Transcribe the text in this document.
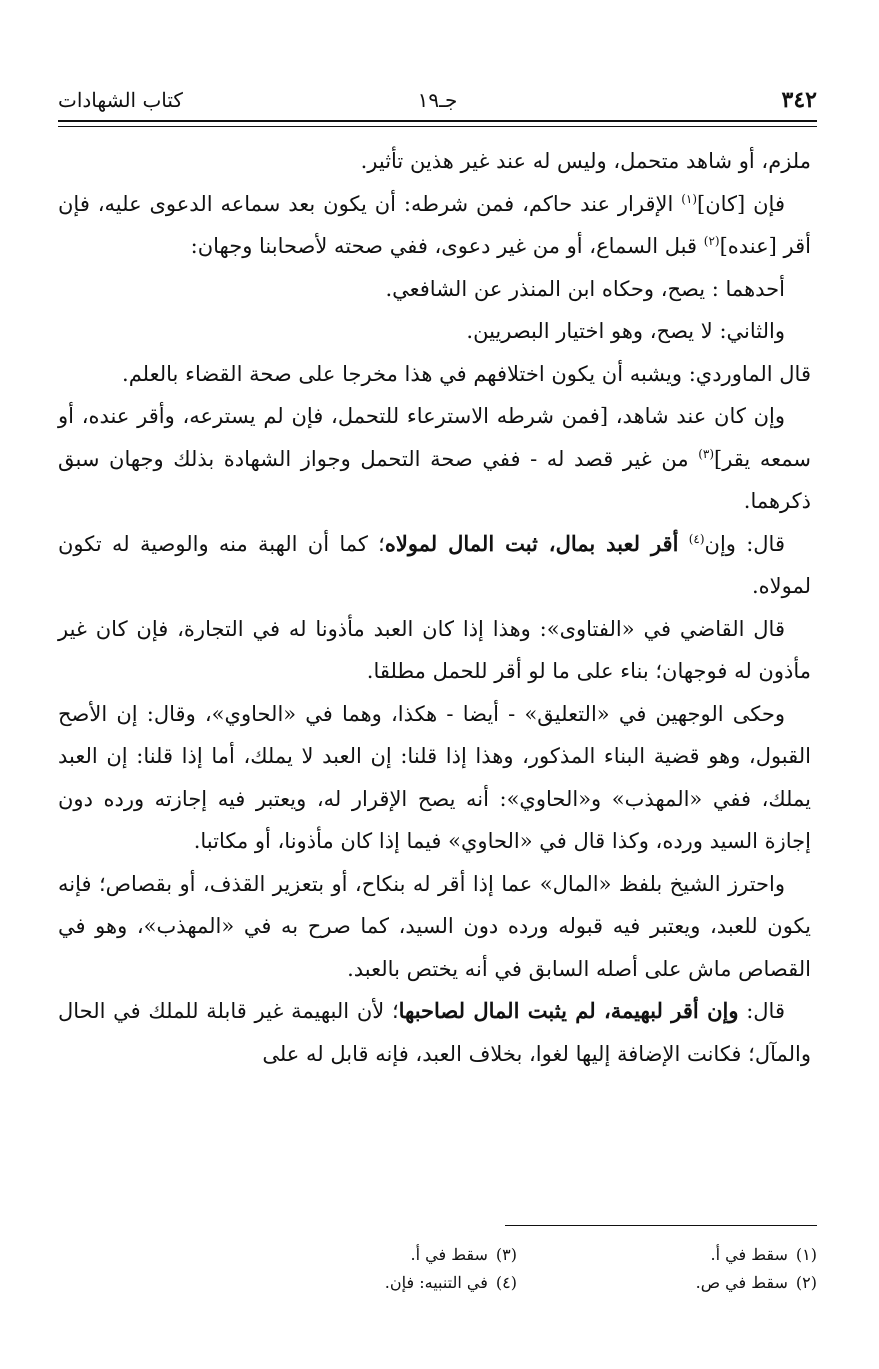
٣٤٢
جـ١٩
كتاب الشهادات

ملزم، أو شاهد متحمل، وليس له عند غير هذين تأثير.

فإن [كان]$^{(١)}$ الإقرار عند حاكم، فمن شرطه: أن يكون بعد سماعه الدعوى عليه، فإن أقر [عنده]$^{(٢)}$ قبل السماع، أو من غير دعوى، ففي صحته لأصحابنا وجهان:

أحدهما : يصح، وحكاه ابن المنذر عن الشافعي.

والثاني: لا يصح، وهو اختيار البصريين.

قال الماوردي: ويشبه أن يكون اختلافهم في هذا مخرجا على صحة القضاء بالعلم.

وإن كان عند شاهد، [فمن شرطه الاسترعاء للتحمل، فإن لم يسترعه، وأقر عنده، أو سمعه يقر]$^{(٣)}$ من غير قصد له - ففي صحة التحمل وجواز الشهادة بذلك وجهان سبق ذكرهما.

قال: وإن$^{(٤)}$ أقر لعبد بمال، ثبت المال لمولاه؛ كما أن الهبة منه والوصية له تكون لمولاه.

قال القاضي في «الفتاوى»: وهذا إذا كان العبد مأذونا له في التجارة، فإن كان غير مأذون له فوجهان؛ بناء على ما لو أقر للحمل مطلقا.

وحكى الوجهين في «التعليق» - أيضا - هكذا، وهما في «الحاوي»، وقال: إن الأصح القبول، وهو قضية البناء المذكور، وهذا إذا قلنا: إن العبد لا يملك، أما إذا قلنا: إن العبد يملك، ففي «المهذب» و«الحاوي»: أنه يصح الإقرار له، ويعتبر فيه إجازته ورده دون إجازة السيد ورده، وكذا قال في «الحاوي» فيما إذا كان مأذونا، أو مكاتبا.

واحترز الشيخ بلفظ «المال» عما إذا أقر له بنكاح، أو بتعزير القذف، أو بقصاص؛ فإنه يكون للعبد، ويعتبر فيه قبوله ورده دون السيد، كما صرح به في «المهذب»، وهو في القصاص ماش على أصله السابق في أنه يختص بالعبد.

قال: وإن أقر لبهيمة، لم يثبت المال لصاحبها؛ لأن البهيمة غير قابلة للملك في الحال والمآل؛ فكانت الإضافة إليها لغوا، بخلاف العبد، فإنه قابل له على

(١)سقط في أ.
(٢)سقط في ص.
(٣)سقط في أ.
(٤)في التنبيه: فإن.
